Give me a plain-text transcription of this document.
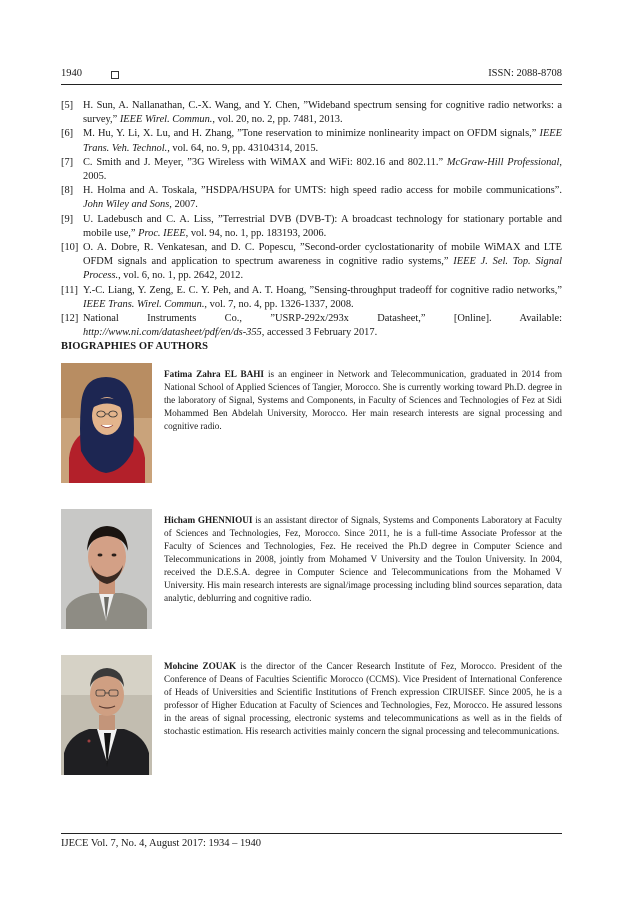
1940	ISSN: 2088-8708

[5] H. Sun, A. Nallanathan, C.-X. Wang, and Y. Chen, ”Wideband spectrum sensing for cognitive radio networks: a survey,” IEEE Wirel. Commun., vol. 20, no. 2, pp. 7481, 2013.

[6] M. Hu, Y. Li, X. Lu, and H. Zhang, ”Tone reservation to minimize nonlinearity impact on OFDM signals,” IEEE Trans. Veh. Technol., vol. 64, no. 9, pp. 43104314, 2015.

[7] C. Smith and J. Meyer, ”3G Wireless with WiMAX and WiFi: 802.16 and 802.11.” McGraw-Hill Professional, 2005.

[8] H. Holma and A. Toskala, ”HSDPA/HSUPA for UMTS: high speed radio access for mobile communications”. John Wiley and Sons, 2007.

[9] U. Ladebusch and C. A. Liss, ”Terrestrial DVB (DVB-T): A broadcast technology for stationary portable and mobile use,” Proc. IEEE, vol. 94, no. 1, pp. 183193, 2006.

[10] O. A. Dobre, R. Venkatesan, and D. C. Popescu, ”Second-order cyclostationarity of mobile WiMAX and LTE OFDM signals and application to spectrum awareness in cognitive radio systems,” IEEE J. Sel. Top. Signal Process., vol. 6, no. 1, pp. 2642, 2012.

[11] Y.-C. Liang, Y. Zeng, E. C. Y. Peh, and A. T. Hoang, ”Sensing-throughput tradeoff for cognitive radio networks,” IEEE Trans. Wirel. Commun., vol. 7, no. 4, pp. 1326-1337, 2008.

[12] National Instruments Co., ”USRP-292x/293x Datasheet,” [Online]. Available:
http://www.ni.com/datasheet/pdf/en/ds-355, accessed 3 February 2017.

BIOGRAPHIES OF AUTHORS
Fatima Zahra EL BAHI is an engineer in Network and Telecommunication, graduated in 2014 from National School of Applied Sciences of Tangier, Morocco. She is currently working toward Ph.D. degree in the laboratory of Signal, Systems and Components, in Faculty of Sciences and Technologies of Fez at Sidi Mohammed Ben Abdelah University, Morocco. Her main research interests are signal processing and cognitive radio.
Hicham GHENNIOUI is an assistant director of Signals, Systems and Components Laboratory at Faculty of Sciences and Technologies, Fez, Morocco. Since 2011, he is a full-time Associate Professor at the Faculty of Sciences and Technologies, Fez. He received the Ph.D degree in Computer Science and Telecommunications in 2008, jointly from Mohamed V University and the Toulon University. In 2004, received the D.E.S.A. degree in Computer Science and Telecommunications from the Mohamed V University. His main research interests are signal/image processing including blind sources separation, data analytic, deblurring and cognitive radio.
Mohcine ZOUAK is the director of the Cancer Research Institute of Fez, Morocco. President of the Conference of Deans of Faculties Scientific Morocco (CCMS). Vice President of International Conference of Heads of Universities and Scientific Institutions of French expression CIRUISEF. Since 2005, he is a professor of Higher Education at Faculty of Sciences and Technologies, Fez, Morocco. He assured lessons in the areas of signal processing, electronic systems and telecommunications as well as in the fields of stochastic estimation. His research activities mainly concern the signal processing and telecommunications.
IJECE Vol. 7, No. 4, August 2017: 1934 – 1940
